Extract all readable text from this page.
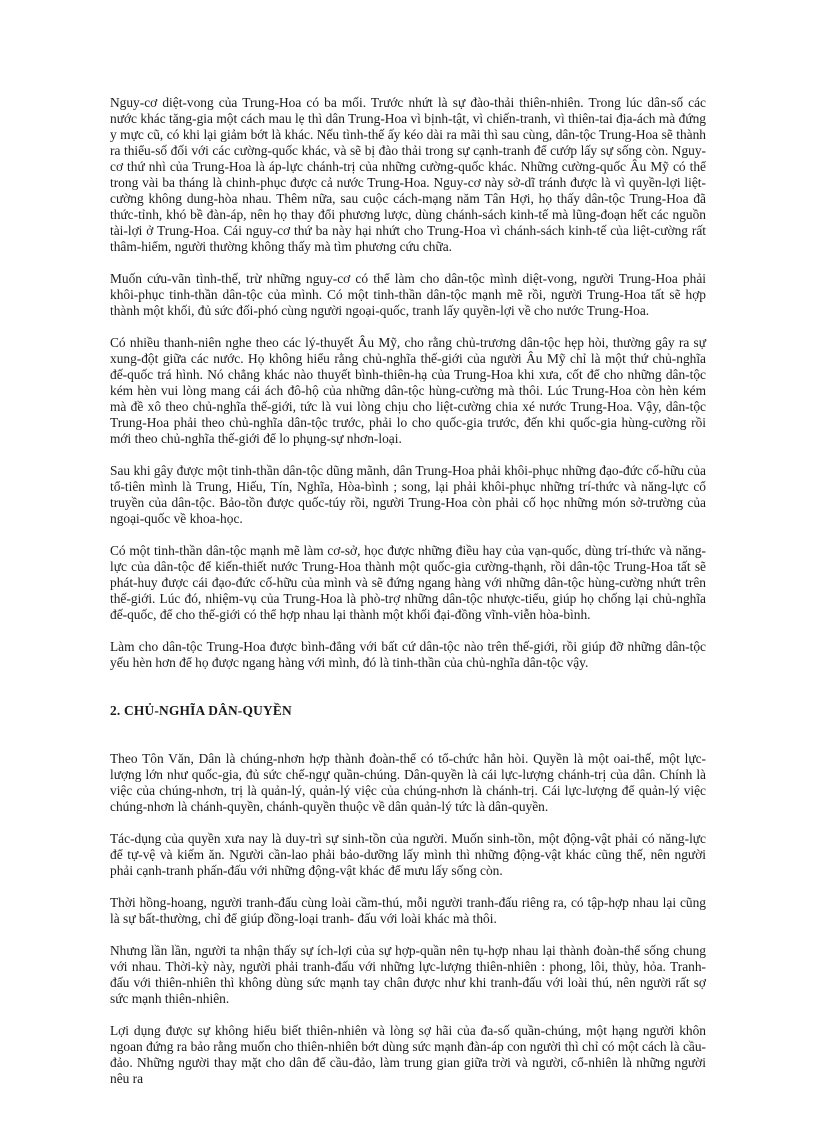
Nguy-cơ diệt-vong của Trung-Hoa có ba mối. Trước nhứt là sự đào-thải thiên-nhiên. Trong lúc dân-số các nước khác tăng-gia một cách mau lẹ thì dân Trung-Hoa vì bịnh-tật, vì chiến-tranh, vì thiên-tai địa-ách mà đứng y mực cũ, có khi lại giảm bớt là khác. Nếu tình-thế ấy kéo dài ra mãi thì sau cùng, dân-tộc Trung-Hoa sẽ thành ra thiểu-số đối với các cường-quốc khác, và sẽ bị đào thải trong sự cạnh-tranh để cướp lấy sự sống còn. Nguy-cơ thứ nhì của Trung-Hoa là áp-lực chánh-trị của những cường-quốc khác. Những cường-quốc Âu Mỹ có thể trong vài ba tháng là chinh-phục được cả nước Trung-Hoa. Nguy-cơ này sở-dĩ tránh được là vì quyền-lợi liệt-cường không dung-hòa nhau. Thêm nữa, sau cuộc cách-mạng năm Tân Hợi, họ thấy dân-tộc Trung-Hoa đã thức-tỉnh, khó bề đàn-áp, nên họ thay đổi phương lược, dùng chánh-sách kinh-tế mà lũng-đoạn hết các nguồn tài-lợi ở Trung-Hoa. Cái nguy-cơ thứ ba này hại nhứt cho Trung-Hoa vì chánh-sách kinh-tế của liệt-cường rất thâm-hiểm, người thường không thấy mà tìm phương cứu chữa.

Muốn cứu-vãn tình-thế, trừ những nguy-cơ có thể làm cho dân-tộc mình diệt-vong, người Trung-Hoa phải khôi-phục tinh-thần dân-tộc của mình. Có một tinh-thần dân-tộc mạnh mẽ rồi, người Trung-Hoa tất sẽ hợp thành một khối, đủ sức đối-phó cùng người ngoại-quốc, tranh lấy quyền-lợi về cho nước Trung-Hoa.

Có nhiều thanh-niên nghe theo các lý-thuyết Âu Mỹ, cho rằng chủ-trương dân-tộc hẹp hòi, thường gây ra sự xung-đột giữa các nước. Họ không hiểu rằng chủ-nghĩa thế-giới của người Âu Mỹ chỉ là một thứ chủ-nghĩa đế-quốc trá hình. Nó chẳng khác nào thuyết bình-thiên-hạ của Trung-Hoa khi xưa, cốt để cho những dân-tộc kém hèn vui lòng mang cái ách đô-hộ của những dân-tộc hùng-cường mà thôi. Lúc Trung-Hoa còn hèn kém mà đề xô theo chủ-nghĩa thế-giới, tức là vui lòng chịu cho liệt-cường chia xé nước Trung-Hoa. Vậy, dân-tộc Trung-Hoa phải theo chủ-nghĩa dân-tộc trước, phải lo cho quốc-gia trước, đến khi quốc-gia hùng-cường rồi mới theo chủ-nghĩa thế-giới để lo phụng-sự nhơn-loại.

Sau khi gây được một tinh-thần dân-tộc dũng mãnh, dân Trung-Hoa phải khôi-phục những đạo-đức cố-hữu của tổ-tiên mình là Trung, Hiếu, Tín, Nghĩa, Hòa-bình ; song, lại phải khôi-phục những trí-thức và năng-lực cổ truyền của dân-tộc. Bảo-tồn được quốc-túy rồi, người Trung-Hoa còn phải cố học những món sở-trường của ngoại-quốc về khoa-học.

Có một tinh-thần dân-tộc mạnh mẽ làm cơ-sở, học được những điều hay của vạn-quốc, dùng trí-thức và năng-lực của dân-tộc để kiến-thiết nước Trung-Hoa thành một quốc-gia cường-thạnh, rồi dân-tộc Trung-Hoa tất sẽ phát-huy được cái đạo-đức cố-hữu của mình và sẽ đứng ngang hàng với những dân-tộc hùng-cường nhứt trên thế-giới. Lúc đó, nhiệm-vụ của Trung-Hoa là phò-trợ những dân-tộc nhược-tiểu, giúp họ chống lại chủ-nghĩa đế-quốc, để cho thế-giới có thể hợp nhau lại thành một khối đại-đồng vĩnh-viễn hòa-bình.

Làm cho dân-tộc Trung-Hoa được bình-đẳng với bất cứ dân-tộc nào trên thế-giới, rồi giúp đỡ những dân-tộc yếu hèn hơn để họ được ngang hàng với mình, đó là tinh-thần của chủ-nghĩa dân-tộc vậy.

2. CHỦ-NGHĨA DÂN-QUYỀN

Theo Tôn Văn, Dân là chúng-nhơn hợp thành đoàn-thể có tổ-chức hẳn hòi. Quyền là một oai-thế, một lực-lượng lớn như quốc-gia, đủ sức chế-ngự quần-chúng. Dân-quyền là cái lực-lượng chánh-trị của dân. Chính là việc của chúng-nhơn, trị là quản-lý, quản-lý việc của chúng-nhơn là chánh-trị. Cái lực-lượng để quản-lý việc chúng-nhơn là chánh-quyền, chánh-quyền thuộc về dân quản-lý tức là dân-quyền.

Tác-dụng của quyền xưa nay là duy-trì sự sinh-tồn của người. Muốn sinh-tồn, một động-vật phải có năng-lực để tự-vệ và kiếm ăn. Người cần-lao phải bảo-dưỡng lấy mình thì những động-vật khác cũng thế, nên người phải cạnh-tranh phấn-đấu với những động-vật khác để mưu lấy sống còn.

Thời hồng-hoang, người tranh-đấu cùng loài cầm-thú, mỗi người tranh-đấu riêng ra, có tập-hợp nhau lại cũng là sự bất-thường, chỉ để giúp đồng-loại tranh- đấu với loài khác mà thôi.

Nhưng lần lần, người ta nhận thấy sự ích-lợi của sự hợp-quần nên tụ-hợp nhau lại thành đoàn-thể sống chung với nhau. Thời-kỳ này, người phải tranh-đấu với những lực-lượng thiên-nhiên : phong, lôi, thủy, hỏa. Tranh-đấu với thiên-nhiên thì không dùng sức mạnh tay chân được như khi tranh-đấu với loài thú, nên người rất sợ sức mạnh thiên-nhiên.

Lợi dụng được sự không hiểu biết thiên-nhiên và lòng sợ hãi của đa-số quần-chúng, một hạng người khôn ngoan đứng ra bảo rằng muốn cho thiên-nhiên bớt dùng sức mạnh đàn-áp con người thì chỉ có một cách là cầu-đảo. Những người thay mặt cho dân để cầu-đảo, làm trung gian giữa trời và người, cổ-nhiên là những người nêu ra
